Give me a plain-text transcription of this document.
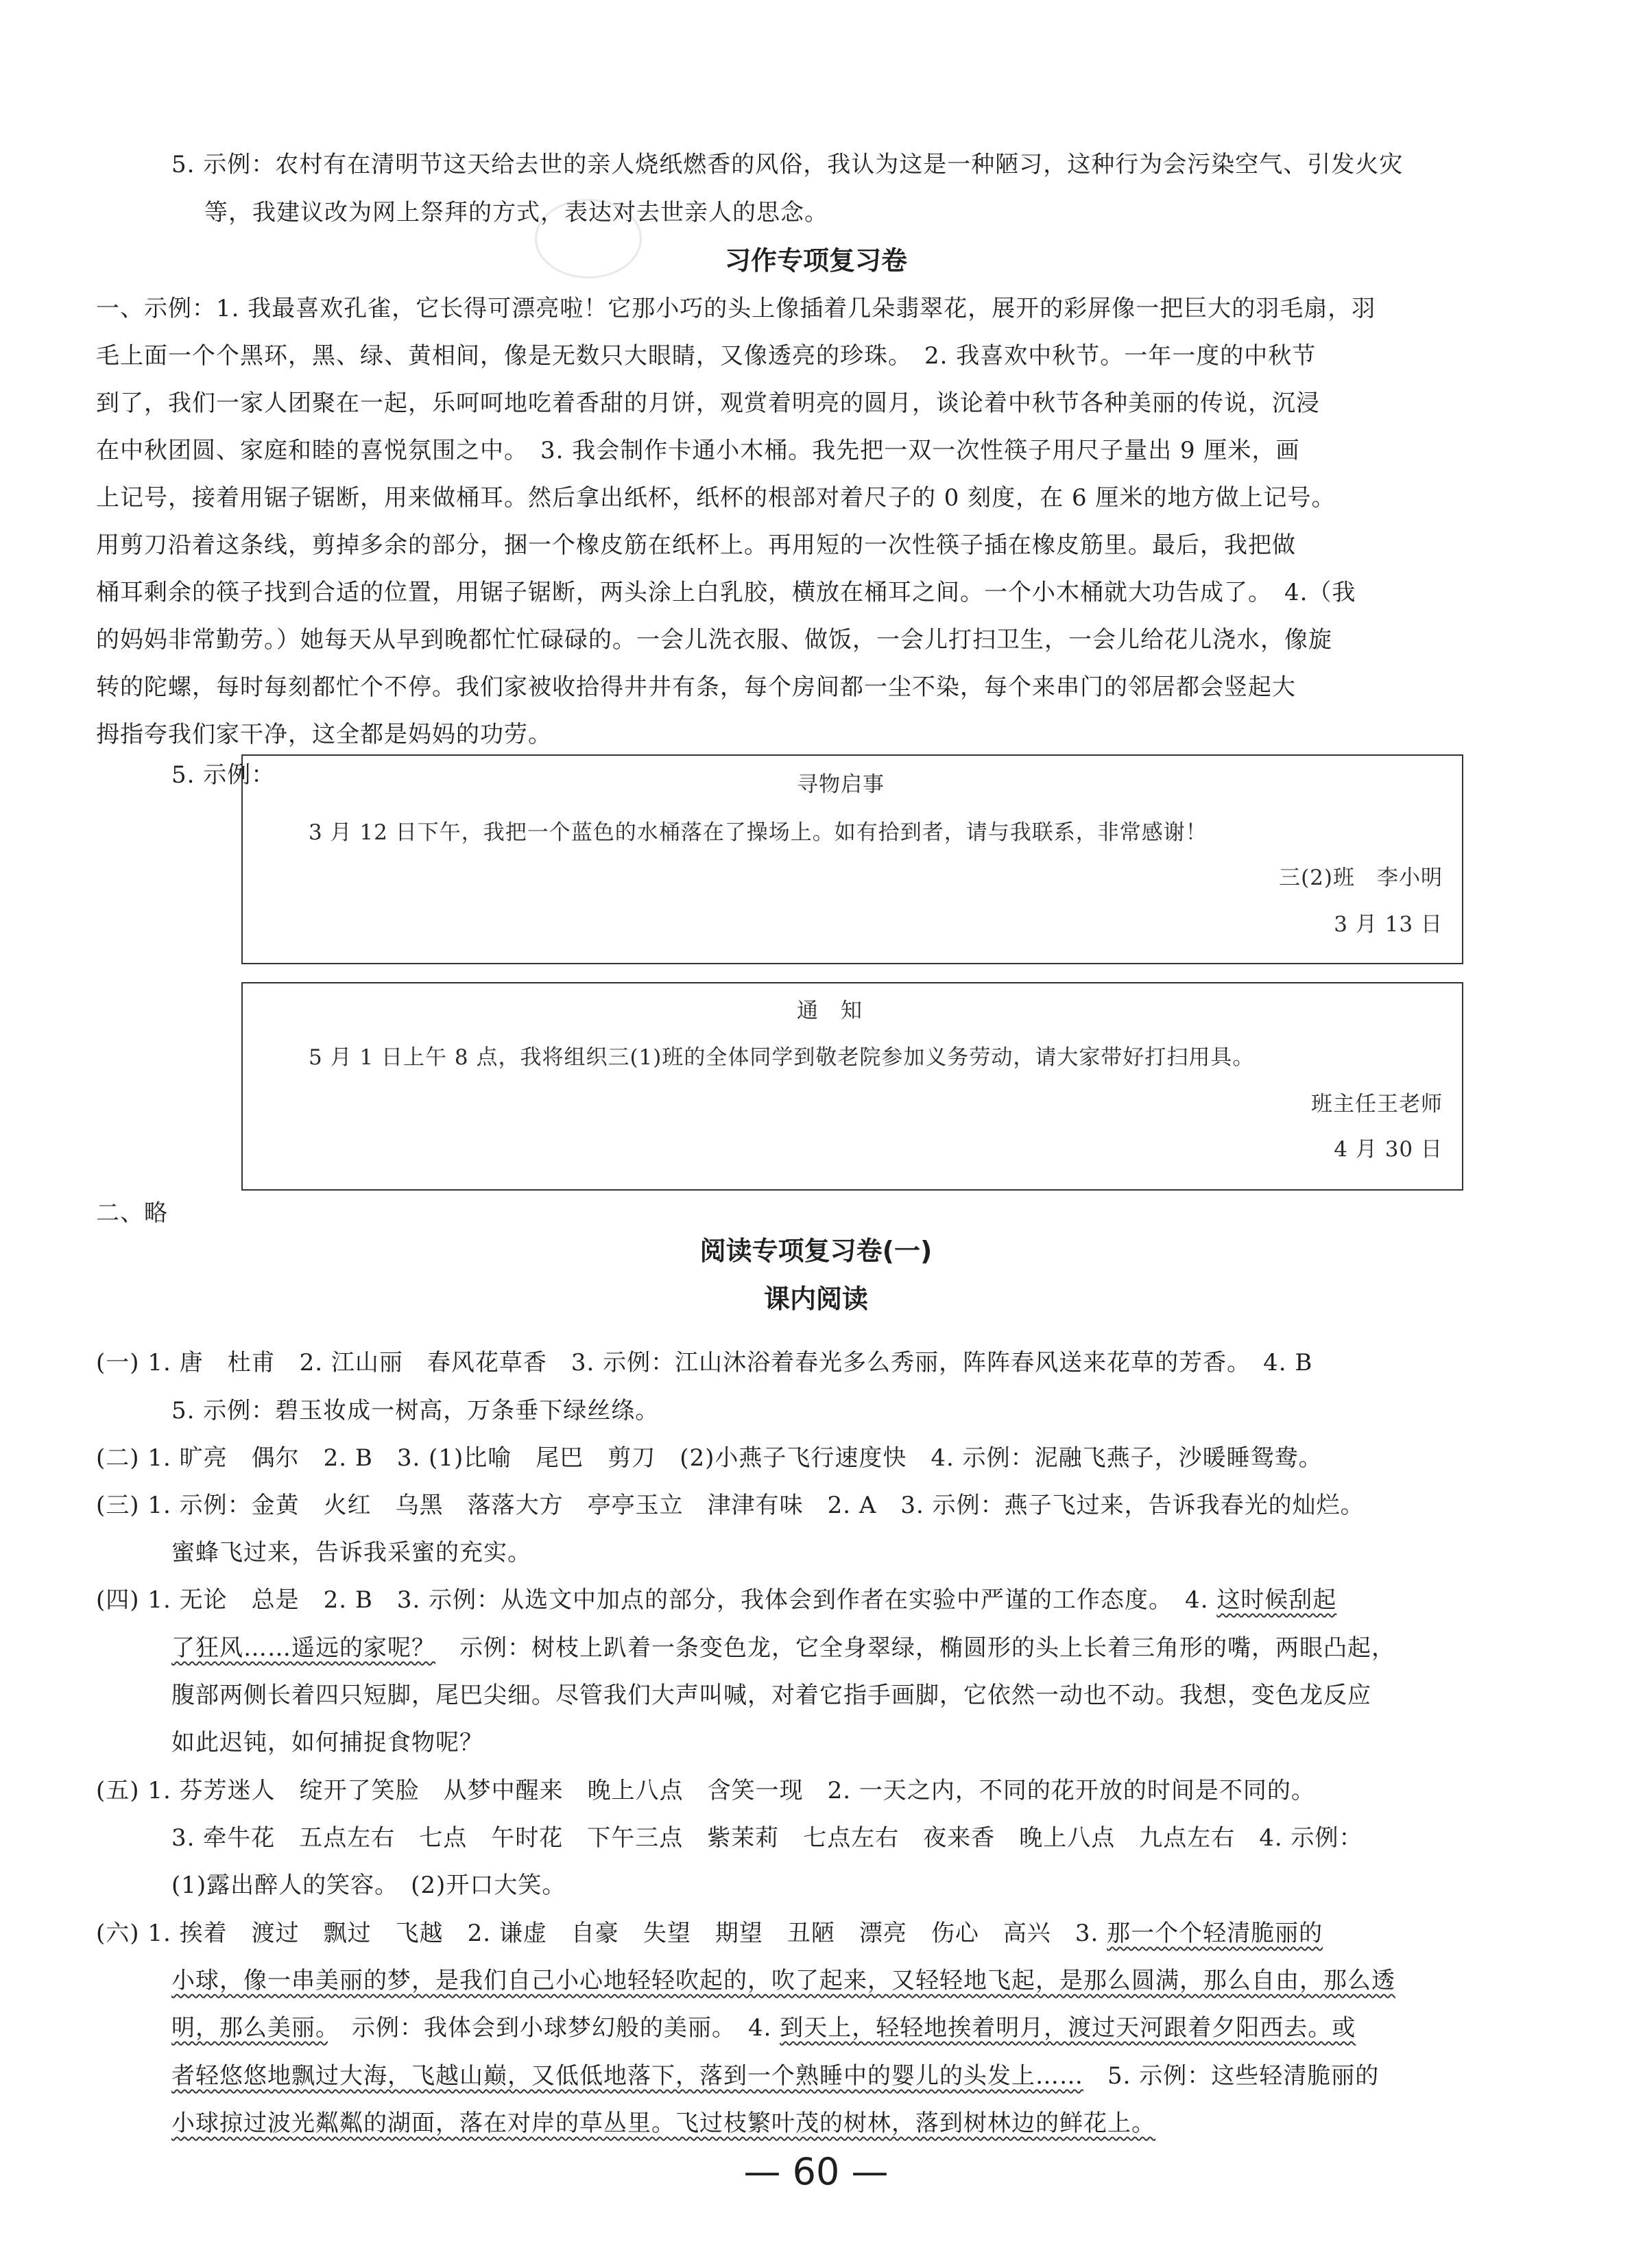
5. 示例：农村有在清明节这天给去世的亲人烧纸燃香的风俗，我认为这是一种陋习，这种行为会污染空气、引发火灾
等，我建议改为网上祭拜的方式，表达对去世亲人的思念。
习作专项复习卷
一、示例：1. 我最喜欢孔雀，它长得可漂亮啦！它那小巧的头上像插着几朵翡翠花，展开的彩屏像一把巨大的羽毛扇，羽
毛上面一个个黑环，黑、绿、黄相间，像是无数只大眼睛，又像透亮的珍珠。　2. 我喜欢中秋节。一年一度的中秋节
到了，我们一家人团聚在一起，乐呵呵地吃着香甜的月饼，观赏着明亮的圆月，谈论着中秋节各种美丽的传说，沉浸
在中秋团圆、家庭和睦的喜悦氛围之中。　3. 我会制作卡通小木桶。我先把一双一次性筷子用尺子量出 9 厘米，画
上记号，接着用锯子锯断，用来做桶耳。然后拿出纸杯，纸杯的根部对着尺子的 0 刻度，在 6 厘米的地方做上记号。
用剪刀沿着这条线，剪掉多余的部分，捆一个橡皮筋在纸杯上。再用短的一次性筷子插在橡皮筋里。最后，我把做
桶耳剩余的筷子找到合适的位置，用锯子锯断，两头涂上白乳胶，横放在桶耳之间。一个小木桶就大功告成了。　4.（我
的妈妈非常勤劳。）她每天从早到晚都忙忙碌碌的。一会儿洗衣服、做饭，一会儿打扫卫生，一会儿给花儿浇水，像旋
转的陀螺，每时每刻都忙个不停。我们家被收拾得井井有条，每个房间都一尘不染，每个来串门的邻居都会竖起大
拇指夸我们家干净，这全都是妈妈的功劳。
5. 示例：	寻物启事
3 月 12 日下午，我把一个蓝色的水桶落在了操场上。如有拾到者，请与我联系，非常感谢！
三(2)班　李小明
3 月 13 日
通　知
5 月 1 日上午 8 点，我将组织三(1)班的全体同学到敬老院参加义务劳动，请大家带好打扫用具。
班主任王老师
4 月 30 日
二、略
阅读专项复习卷(一)
课内阅读
(一) 1. 唐　杜甫　2. 江山丽　春风花草香　3. 示例：江山沐浴着春光多么秀丽，阵阵春风送来花草的芳香。　4. B
5. 示例：碧玉妆成一树高，万条垂下绿丝绦。
(二) 1. 旷亮　偶尔　2. B　3. (1)比喻　尾巴　剪刀　(2)小燕子飞行速度快　4. 示例：泥融飞燕子，沙暖睡鸳鸯。
(三) 1. 示例：金黄　火红　乌黑　落落大方　亭亭玉立　津津有味　2. A　3. 示例：燕子飞过来，告诉我春光的灿烂。
蜜蜂飞过来，告诉我采蜜的充实。
(四) 1. 无论　总是　2. B　3. 示例：从选文中加点的部分，我体会到作者在实验中严谨的工作态度。　4. 这时候刮起
了狂风……遥远的家呢？　示例：树枝上趴着一条变色龙，它全身翠绿，椭圆形的头上长着三角形的嘴，两眼凸起，
腹部两侧长着四只短脚，尾巴尖细。尽管我们大声叫喊，对着它指手画脚，它依然一动也不动。我想，变色龙反应
如此迟钝，如何捕捉食物呢？
(五) 1. 芬芳迷人　绽开了笑脸　从梦中醒来　晚上八点　含笑一现　2. 一天之内，不同的花开放的时间是不同的。
3. 牵牛花　五点左右　七点　午时花　下午三点　紫茉莉　七点左右　夜来香　晚上八点　九点左右　4. 示例：
(1)露出醉人的笑容。　(2)开口大笑。
(六) 1. 挨着　渡过　飘过　飞越　2. 谦虚　自豪　失望　期望　丑陋　漂亮　伤心　高兴　3. 那一个个轻清脆丽的
小球，像一串美丽的梦，是我们自己小心地轻轻吹起的，吹了起来，又轻轻地飞起，是那么圆满，那么自由，那么透
明，那么美丽。　示例：我体会到小球梦幻般的美丽。　4. 到天上，轻轻地挨着明月，渡过天河跟着夕阳西去。或
者轻悠悠地飘过大海，飞越山巅，又低低地落下，落到一个熟睡中的婴儿的头发上……　5. 示例：这些轻清脆丽的
小球掠过波光粼粼的湖面，落在对岸的草丛里。飞过枝繁叶茂的树林，落到树林边的鲜花上。
— 60 —
